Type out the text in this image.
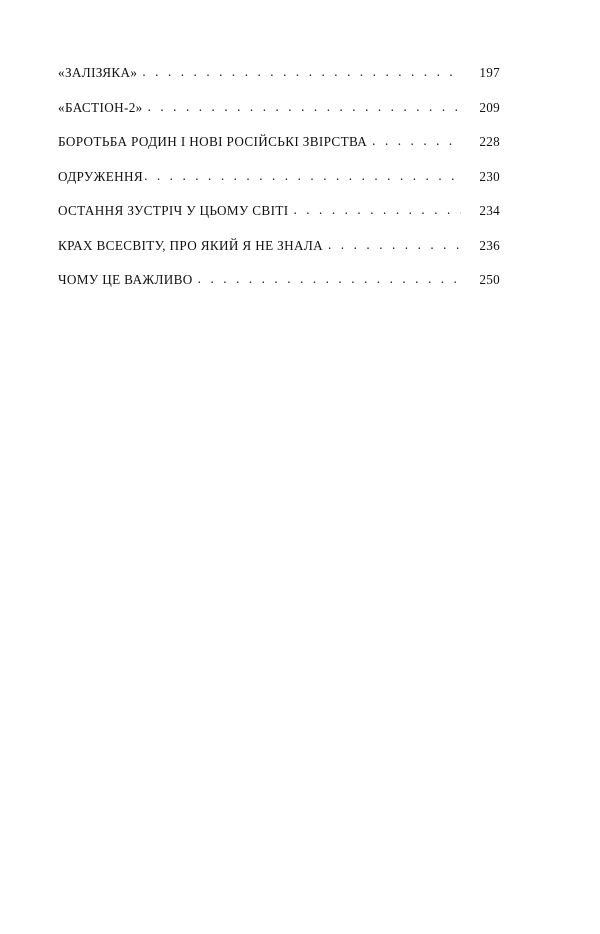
«ЗАЛІЗЯКА» . . .	197
«БАСТІОН-2» . . .	209
БОРОТЬБА РОДИН І НОВІ РОСІЙСЬКІ ЗВІРСТВА . . .	228
ОДРУЖЕННЯ . . .	230
ОСТАННЯ ЗУСТРІЧ У ЦЬОМУ СВІТІ . . .	234
КРАХ ВСЕСВІТУ, ПРО ЯКИЙ Я НЕ ЗНАЛА . . .	236
ЧОМУ ЦЕ ВАЖЛИВО . . .	250
